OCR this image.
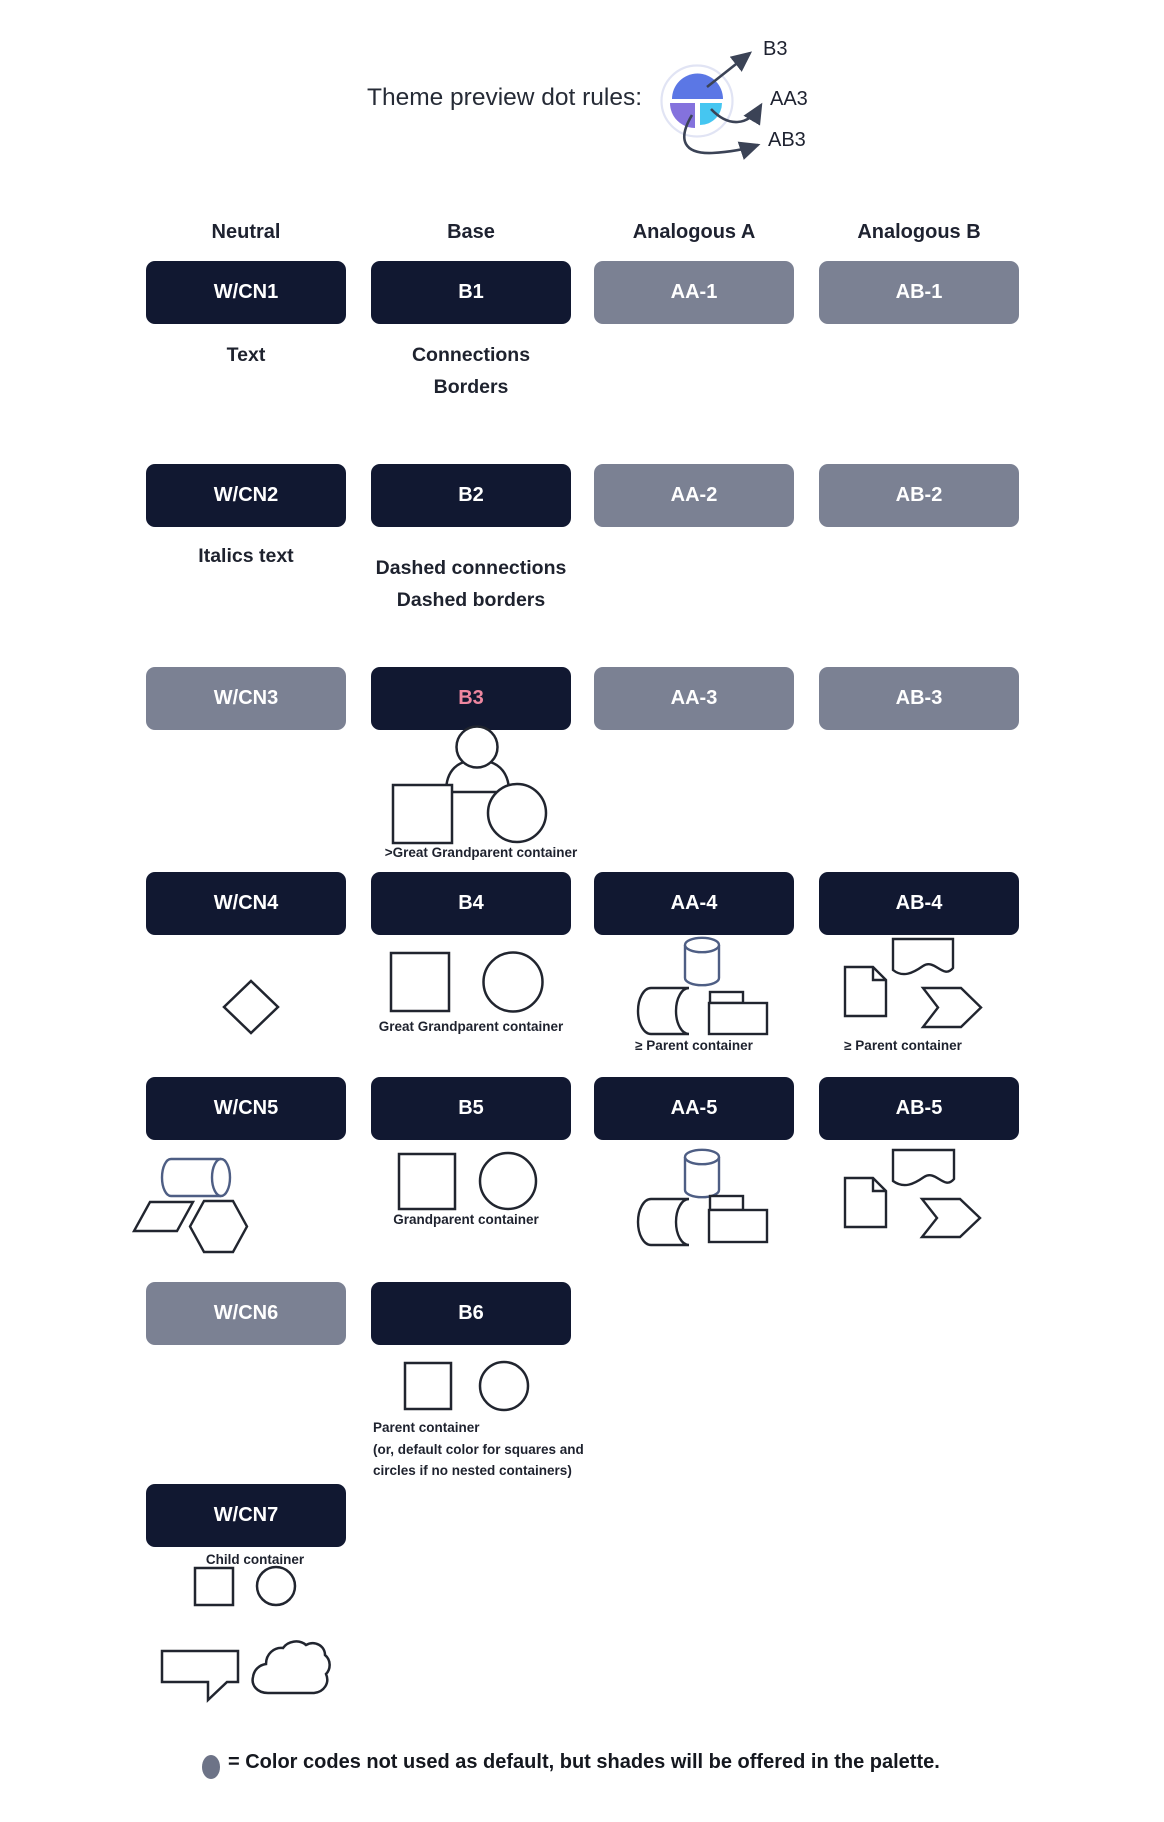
Theme preview dot rules:
B3
AA3
AB3
Neutral	Base	Analogous A	Analogous B
W/CN1	B1	AA-1	AB-1
Text	Connections
Borders
W/CN2	B2	AA-2	AB-2
Italics text
Dashed connections
Dashed borders
W/CN3	B3	AA-3	AB-3
>Great Grandparent container
W/CN4	B4	AA-4	AB-4
Great Grandparent container
≥ Parent container	≥ Parent container
W/CN5	B5	AA-5	AB-5
Grandparent container
W/CN6	B6
Parent container
(or, default color for squares and
circles if no nested containers)
W/CN7
Child container
= Color codes not used as default, but shades will be offered in the palette.
